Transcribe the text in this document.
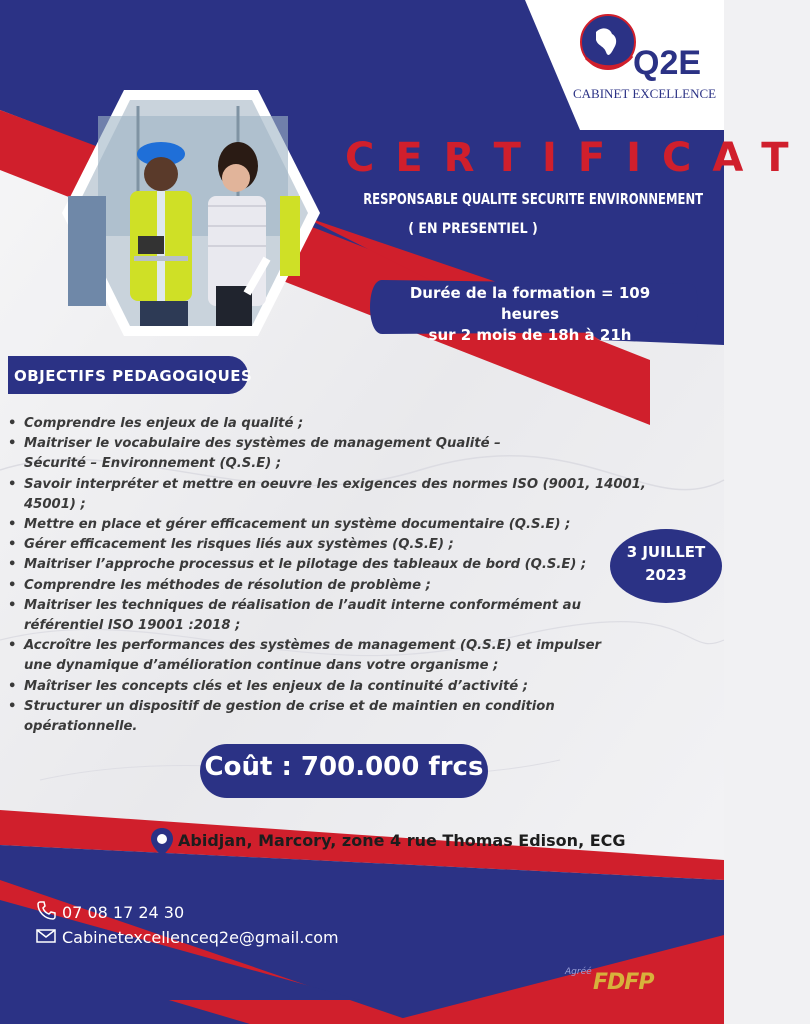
Q2E
CABINET EXCELLENCE
CERTIFICAT
RESPONSABLE QUALITE SECURITE ENVIRONNEMENT
( EN PRESENTIEL )
Durée de la formation = 109 heures
sur 2 mois de 18h à 21h
OBJECTIFS PEDAGOGIQUES
• Comprendre les enjeux de la qualité ;
• Maitriser le vocabulaire des systèmes de management Qualité – Sécurité – Environnement (Q.S.E) ;
• Savoir interpréter et mettre en oeuvre les exigences des normes ISO (9001, 14001, 45001) ;
• Mettre en place et gérer efficacement un système documentaire (Q.S.E) ;
• Gérer efficacement les risques liés aux systèmes (Q.S.E) ;
• Maitriser l’approche processus et le pilotage des tableaux de bord (Q.S.E) ;
• Comprendre les méthodes de résolution de problème ;
• Maitriser les techniques de réalisation de l’audit interne conformément au référentiel ISO 19001 :2018 ;
• Accroître les performances des systèmes de management (Q.S.E) et impulser une dynamique d’amélioration continue dans votre organisme ;
• Maîtriser les concepts clés et les enjeux de la continuité d’activité ;
• Structurer un dispositif de gestion de crise et de maintien en condition opérationnelle.
3 JUILLET
2023
Coût : 700.000 frcs
Abidjan, Marcory, zone 4 rue Thomas Edison, ECG
07 08 17 24 30
Cabinetexcellenceq2e@gmail.com
Agréé FDFP
